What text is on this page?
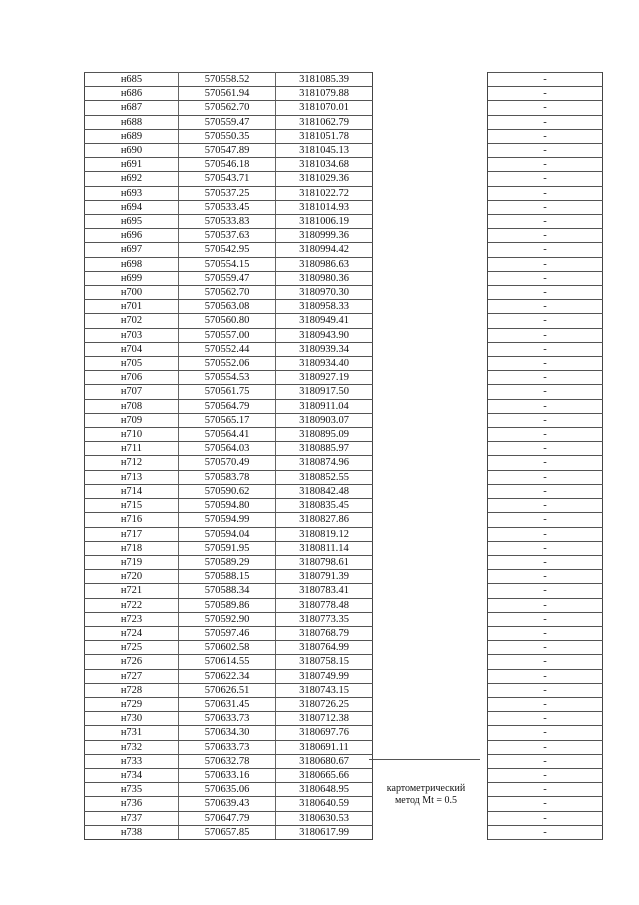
н685	570558.52	3181085.39			-
н686	570561.94	3181079.88			-
н687	570562.70	3181070.01			-
н688	570559.47	3181062.79			-
н689	570550.35	3181051.78			-
н690	570547.89	3181045.13			-
н691	570546.18	3181034.68			-
н692	570543.71	3181029.36			-
н693	570537.25	3181022.72			-
н694	570533.45	3181014.93			-
н695	570533.83	3181006.19			-
н696	570537.63	3180999.36			-
н697	570542.95	3180994.42			-
н698	570554.15	3180986.63			-
н699	570559.47	3180980.36			-
н700	570562.70	3180970.30			-
н701	570563.08	3180958.33			-
н702	570560.80	3180949.41			-
н703	570557.00	3180943.90			-
н704	570552.44	3180939.34			-
н705	570552.06	3180934.40			-
н706	570554.53	3180927.19			-
н707	570561.75	3180917.50			-
н708	570564.79	3180911.04			-
н709	570565.17	3180903.07			-
н710	570564.41	3180895.09			-
н711	570564.03	3180885.97			-
н712	570570.49	3180874.96			-
н713	570583.78	3180852.55			-
н714	570590.62	3180842.48			-
н715	570594.80	3180835.45			-
н716	570594.99	3180827.86			-
н717	570594.04	3180819.12			-
н718	570591.95	3180811.14			-
н719	570589.29	3180798.61			-
н720	570588.15	3180791.39			-
н721	570588.34	3180783.41			-
н722	570589.86	3180778.48			-
н723	570592.90	3180773.35			-
н724	570597.46	3180768.79			-
н725	570602.58	3180764.99			-
н726	570614.55	3180758.15			-
н727	570622.34	3180749.99			-
н728	570626.51	3180743.15			-
н729	570631.45	3180726.25			-
н730	570633.73	3180712.38			-
н731	570634.30	3180697.76			-
н732	570633.73	3180691.11			-
н733	570632.78	3180680.67			-
н734	570633.16	3180665.66			-
н735	570635.06	3180648.95			-
н736	570639.43	3180640.59			-
н737	570647.79	3180630.53			-
н738	570657.85	3180617.99			-
картометрический
метод Mt = 0.5
